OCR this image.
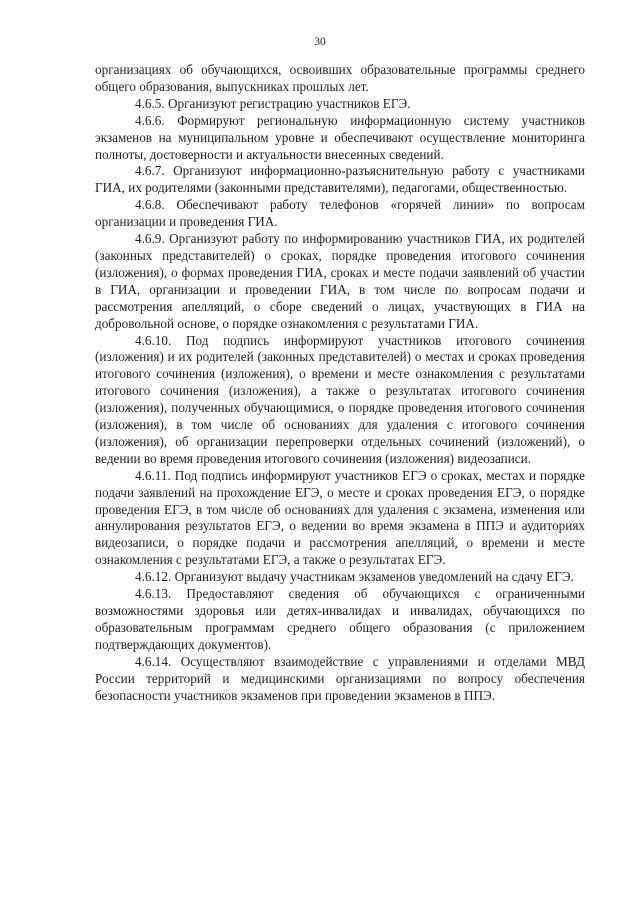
30

организациях об обучающихся, освоивших образовательные программы среднего общего образования, выпускниках прошлых лет.

4.6.5. Организуют регистрацию участников ЕГЭ.

4.6.6. Формируют региональную информационную систему участников экзаменов на муниципальном уровне и обеспечивают осуществление мониторинга полноты, достоверности и актуальности внесенных сведений.

4.6.7. Организуют информационно-разъяснительную работу с участниками ГИА, их родителями (законными представителями), педагогами, общественностью.

4.6.8. Обеспечивают работу телефонов «горячей линии» по вопросам организации и проведения ГИА.

4.6.9. Организуют работу по информированию участников ГИА, их родителей (законных представителей) о сроках, порядке проведения итогового сочинения (изложения), о формах проведения ГИА, сроках и месте подачи заявлений об участии в ГИА, организации и проведении ГИА, в том числе по вопросам подачи и рассмотрения апелляций, о сборе сведений о лицах, участвующих в ГИА на добровольной основе, о порядке ознакомления с результатами ГИА.

4.6.10. Под подпись информируют участников итогового сочинения (изложения) и их родителей (законных представителей) о местах и сроках проведения итогового сочинения (изложения), о времени и месте ознакомления с результатами итогового сочинения (изложения), а также о результатах итогового сочинения (изложения), полученных обучающимися, о порядке проведения итогового сочинения (изложения), в том числе об основаниях для удаления с итогового сочинения (изложения), об организации перепроверки отдельных сочинений (изложений), о ведении во время проведения итогового сочинения (изложения) видеозаписи.

4.6.11. Под подпись информируют участников ЕГЭ о сроках, местах и порядке подачи заявлений на прохождение ЕГЭ, о месте и сроках проведения ЕГЭ, о порядке проведения ЕГЭ, в том числе об основаниях для удаления с экзамена, изменения или аннулирования результатов ЕГЭ, о ведении во время экзамена в ППЭ и аудиториях видеозаписи, о порядке подачи и рассмотрения апелляций, о времени и месте ознакомления с результатами ЕГЭ, а также о результатах ЕГЭ.

4.6.12. Организуют выдачу участникам экзаменов уведомлений на сдачу ЕГЭ.

4.6.13. Предоставляют сведения об обучающихся с ограниченными возможностями здоровья или детях-инвалидах и инвалидах, обучающихся по образовательным программам среднего общего образования (с приложением подтверждающих документов).

4.6.14. Осуществляют взаимодействие с управлениями и отделами МВД России территорий и медицинскими организациями по вопросу обеспечения безопасности участников экзаменов при проведении экзаменов в ППЭ.
